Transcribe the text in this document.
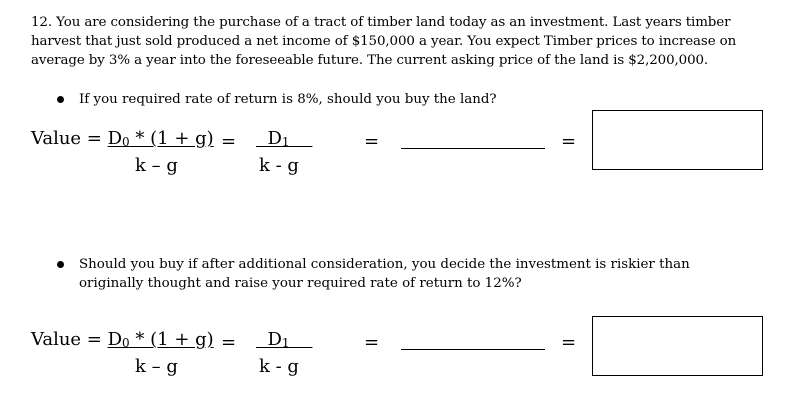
12. You are considering the purchase of a tract of timber land today as an investment. Last years timber
harvest that just sold produced a net income of $150,000 a year. You expect Timber prices to increase on
average by 3% a year into the foreseeable future. The current asking price of the land is $2,200,000.
If you required rate of return is 8%, should you buy the land?
Value = $D_0 * (1 + g)$
k – g
=	$D_1$
k - g
=	=
Should you buy if after additional consideration, you decide the investment is riskier than
originally thought and raise your required rate of return to 12%?
Value = $D_0 * (1 + g)$
k – g
=	$D_1$
k - g
=	=
